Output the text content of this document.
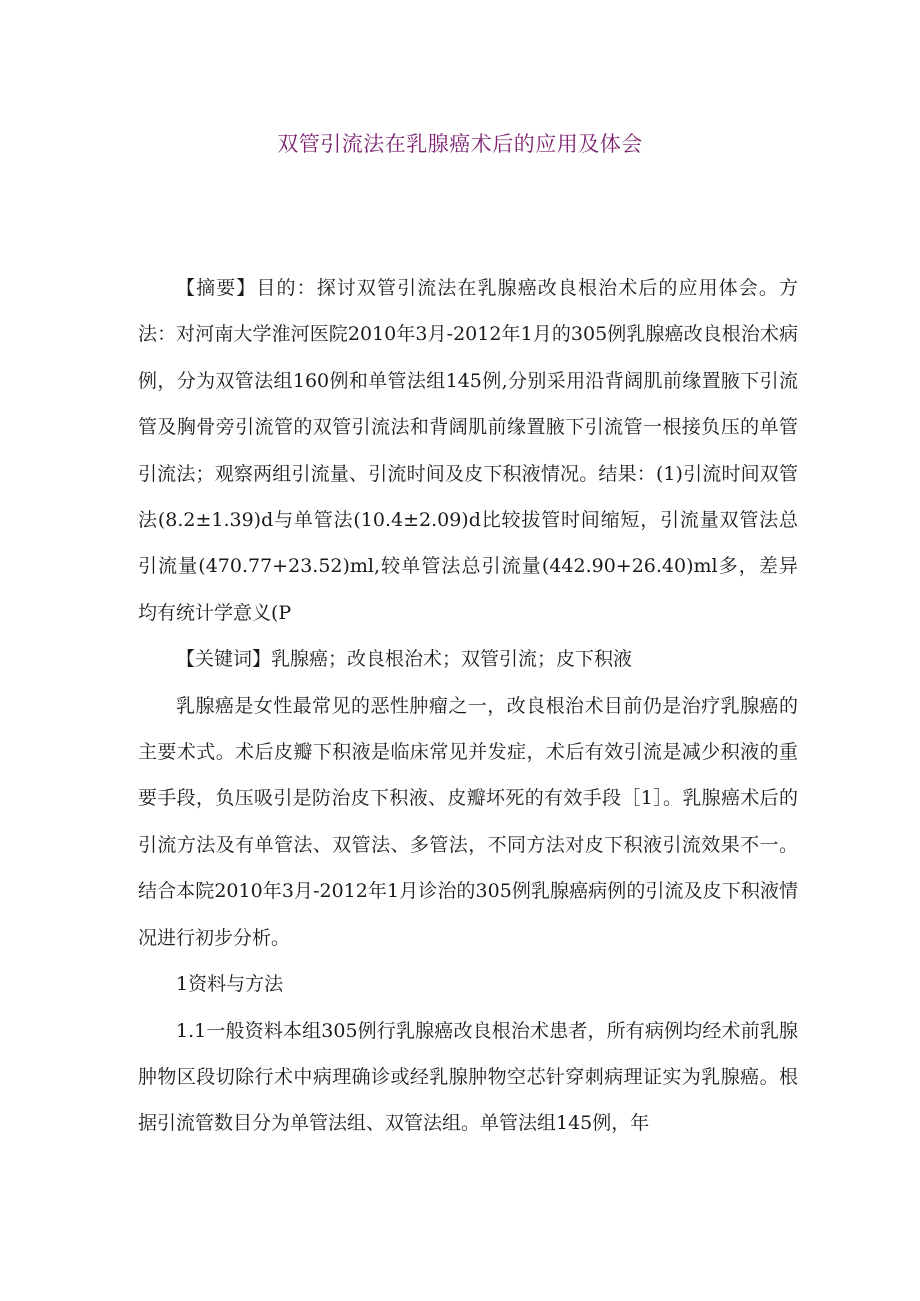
双管引流法在乳腺癌术后的应用及体会

【摘要】目的：探讨双管引流法在乳腺癌改良根治术后的应用体会。方法：对河南大学淮河医院2010年3月-2012年1月的305例乳腺癌改良根治术病例，分为双管法组160例和单管法组145例,分别采用沿背阔肌前缘置腋下引流管及胸骨旁引流管的双管引流法和背阔肌前缘置腋下引流管一根接负压的单管引流法；观察两组引流量、引流时间及皮下积液情况。结果：(1)引流时间双管法(8.2±1.39)d与单管法(10.4±2.09)d比较拔管时间缩短，引流量双管法总引流量(470.77+23.52)ml,较单管法总引流量(442.90+26.40)ml多，差异均有统计学意义(P

【关键词】乳腺癌；改良根治术；双管引流；皮下积液

乳腺癌是女性最常见的恶性肿瘤之一，改良根治术目前仍是治疗乳腺癌的主要术式。术后皮瓣下积液是临床常见并发症，术后有效引流是减少积液的重要手段，负压吸引是防治皮下积液、皮瓣坏死的有效手段［1］。乳腺癌术后的引流方法及有单管法、双管法、多管法，不同方法对皮下积液引流效果不一。结合本院2010年3月-2012年1月诊治的305例乳腺癌病例的引流及皮下积液情况进行初步分析。

1资料与方法

1.1一般资料本组305例行乳腺癌改良根治术患者，所有病例均经术前乳腺肿物区段切除行术中病理确诊或经乳腺肿物空芯针穿刺病理证实为乳腺癌。根据引流管数目分为单管法组、双管法组。单管法组145例，年
